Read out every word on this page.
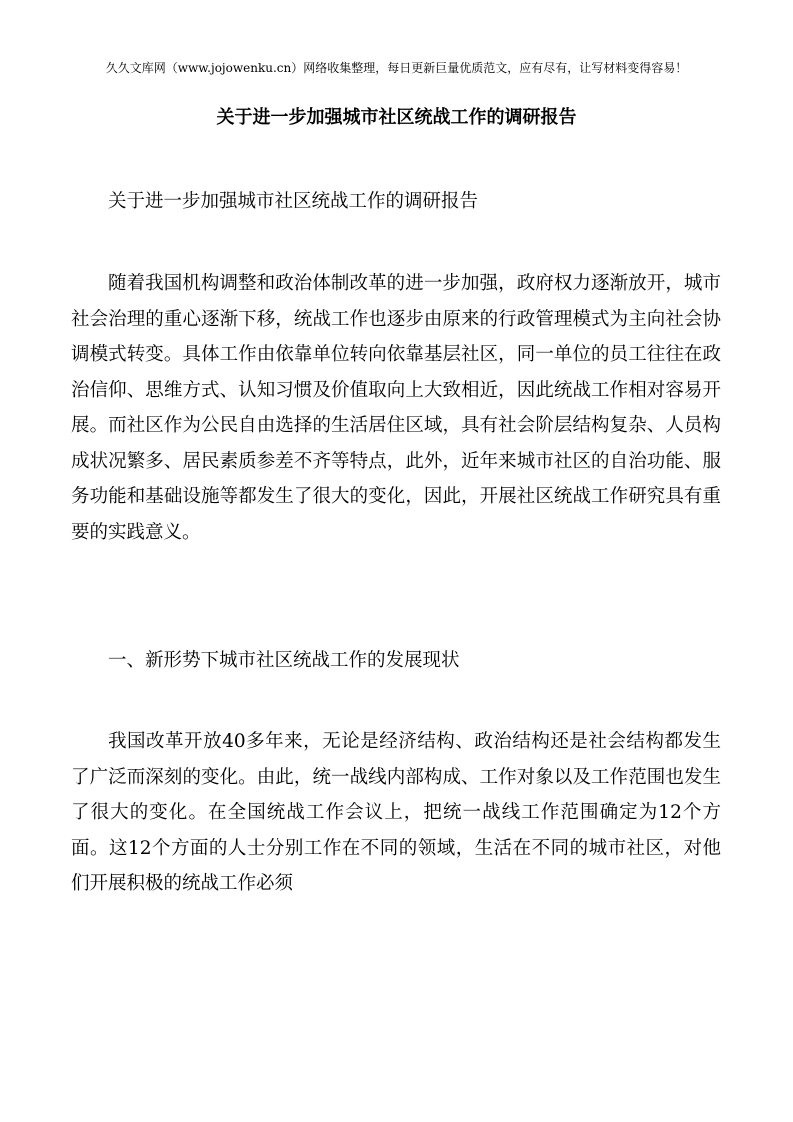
久久文库网（www.jojowenku.cn）网络收集整理，每日更新巨量优质范文，应有尽有，让写材料变得容易！
关于进一步加强城市社区统战工作的调研报告

关于进一步加强城市社区统战工作的调研报告

随着我国机构调整和政治体制改革的进一步加强，政府权力逐渐放开，城市社会治理的重心逐渐下移，统战工作也逐步由原来的行政管理模式为主向社会协调模式转变。具体工作由依靠单位转向依靠基层社区，同一单位的员工往往在政治信仰、思维方式、认知习惯及价值取向上大致相近，因此统战工作相对容易开展。而社区作为公民自由选择的生活居住区域，具有社会阶层结构复杂、人员构成状况繁多、居民素质参差不齐等特点，此外，近年来城市社区的自治功能、服务功能和基础设施等都发生了很大的变化，因此，开展社区统战工作研究具有重要的实践意义。

一、新形势下城市社区统战工作的发展现状

我国改革开放40多年来，无论是经济结构、政治结构还是社会结构都发生了广泛而深刻的变化。由此，统一战线内部构成、工作对象以及工作范围也发生了很大的变化。在全国统战工作会议上，把统一战线工作范围确定为12个方面。这12个方面的人士分别工作在不同的领域，生活在不同的城市社区，对他们开展积极的统战工作必须
